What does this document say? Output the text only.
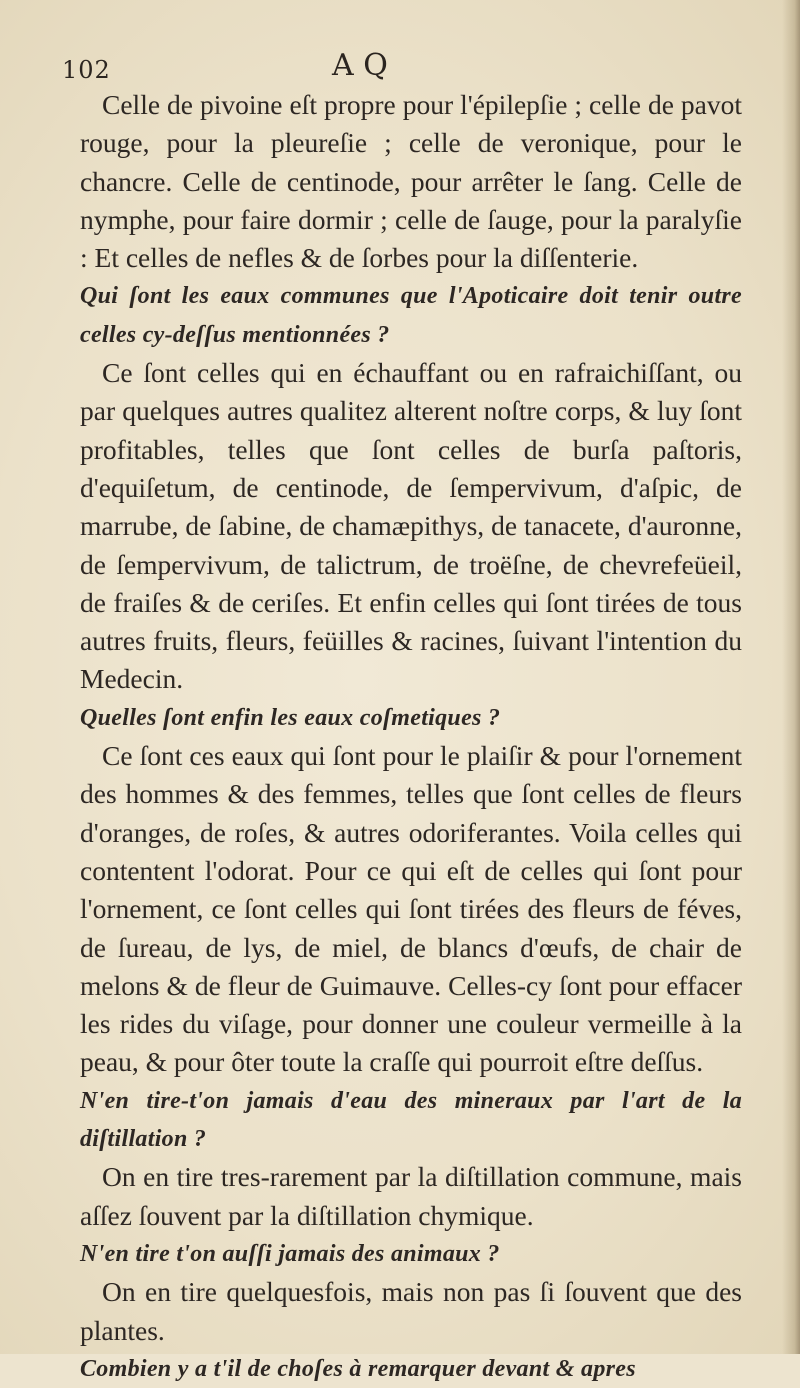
102	A Q

Celle de pivoine eſt propre pour l'épilepſie ; celle de pavot rouge, pour la pleureſie ; celle de veronique, pour le chancre. Celle de centinode, pour arrêter le ſang. Celle de nymphe, pour faire dormir ; celle de ſauge, pour la paralyſie : Et celles de nefles & de ſorbes pour la diſſenterie.

Qui ſont les eaux communes que l'Apoticaire doit tenir outre celles cy-deſſus mentionnées ?

Ce ſont celles qui en échauffant ou en rafraichiſſant, ou par quelques autres qualitez alterent noſtre corps, & luy ſont profitables, telles que ſont celles de burſa paſtoris, d'equiſetum, de centinode, de ſempervivum, d'aſpic, de marrube, de ſabine, de chamæpithys, de tanacete, d'auronne, de ſempervivum, de talictrum, de troëſne, de chevrefeüeil, de fraiſes & de ceriſes. Et enfin celles qui ſont tirées de tous autres fruits, fleurs, feüilles & racines, ſuivant l'intention du Medecin.

Quelles ſont enfin les eaux coſmetiques ?

Ce ſont ces eaux qui ſont pour le plaiſir & pour l'ornement des hommes & des femmes, telles que ſont celles de fleurs d'oranges, de roſes, & autres odoriferantes. Voila celles qui contentent l'odorat. Pour ce qui eſt de celles qui ſont pour l'ornement, ce ſont celles qui ſont tirées des fleurs de féves, de ſureau, de lys, de miel, de blancs d'œufs, de chair de melons & de fleur de Guimauve. Celles-cy ſont pour effacer les rides du viſage, pour donner une couleur vermeille à la peau, & pour ôter toute la craſſe qui pourroit eſtre deſſus.

N'en tire-t'on jamais d'eau des mineraux par l'art de la diſtillation ?

On en tire tres-rarement par la diſtillation commune, mais aſſez ſouvent par la diſtillation chymique.

N'en tire t'on auſſi jamais des animaux ?

On en tire quelquesfois, mais non pas ſi ſouvent que des plantes.

Combien y a t'il de choſes à remarquer devant & apres
